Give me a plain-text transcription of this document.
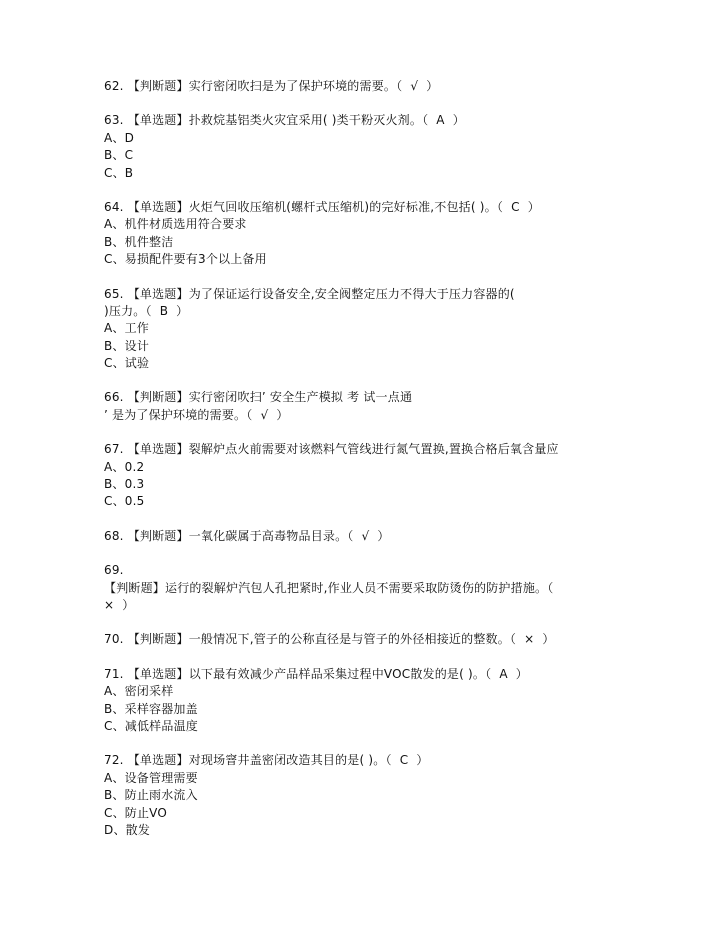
62. 【判断题】实行密闭吹扫是为了保护环境的需要。（  √  ）
63. 【单选题】扑救烷基铝类火灾宜采用( )类干粉灭火剂。（  A  ）
A、D
B、C
C、B
64. 【单选题】火炬气回收压缩机(螺杆式压缩机)的完好标准,不包括( )。（  C  ）
A、机件材质选用符合要求
B、机件整洁
C、易损配件要有3个以上备用
65. 【单选题】为了保证运行设备安全,安全阀整定压力不得大于压力容器的(
)压力。（  B  ）
A、工作
B、设计
C、试验
66. 【判断题】实行密闭吹扫’ 安全生产模拟 考 试一点通
’ 是为了保护环境的需要。（  √  ）
67. 【单选题】裂解炉点火前需要对该燃料气管线进行氮气置换,置换合格后氧含量应
A、0.2
B、0.3
C、0.5
68. 【判断题】一氧化碳属于高毒物品目录。（  √  ）
69.
【判断题】运行的裂解炉汽包人孔把紧时,作业人员不需要采取防烫伤的防护措施。（
×  ）
70. 【判断题】一般情况下,管子的公称直径是与管子的外径相接近的整数。（  ×  ）
71. 【单选题】以下最有效减少产品样品采集过程中VOC散发的是( )。（  A  ）
A、密闭采样
B、采样容器加盖
C、减低样品温度
72. 【单选题】对现场窨井盖密闭改造其目的是( )。（  C  ）
A、设备管理需要
B、防止雨水流入
C、防止VO
D、散发
